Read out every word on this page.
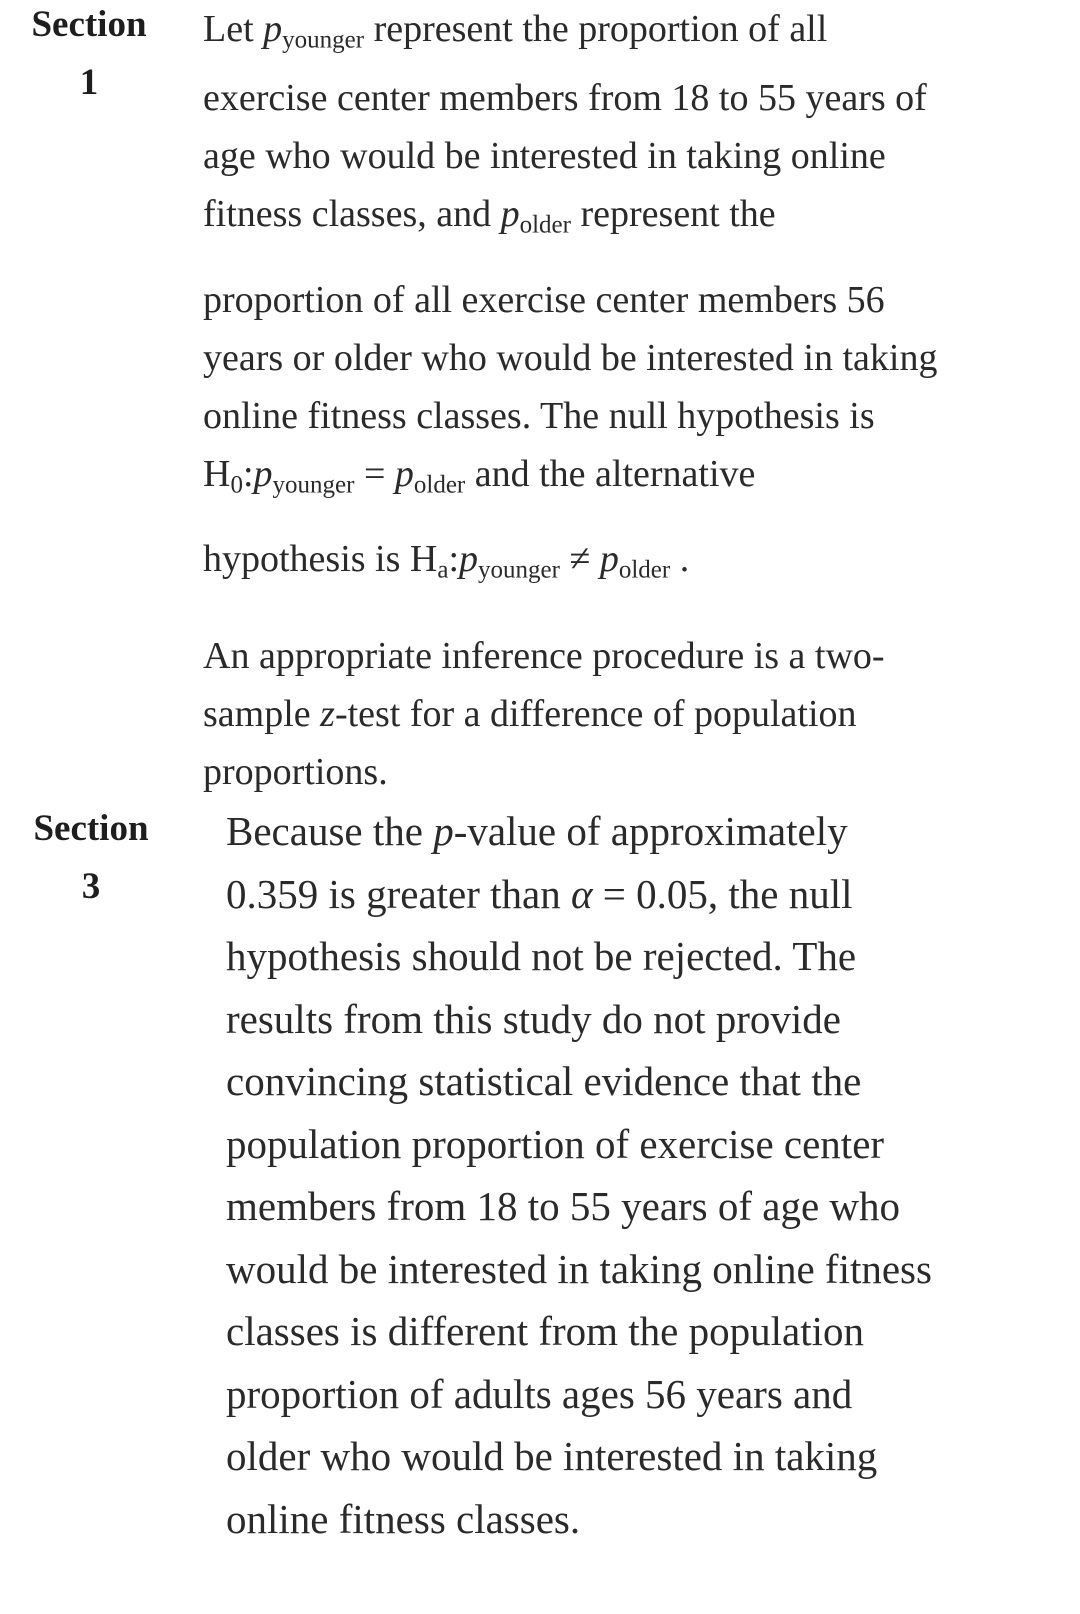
Section
1
Let $p_{younger}$ represent the proportion of all
exercise center members from 18 to 55 years of
age who would be interested in taking online
fitness classes, and $p_{older}$ represent the
proportion of all exercise center members 56
years or older who would be interested in taking
online fitness classes. The null hypothesis is
$H_0:p_{younger} = p_{older}$ and the alternative
hypothesis is $H_a:p_{younger} \ne p_{older}$ .
An appropriate inference procedure is a two-
sample z-test for a difference of population
proportions.
Section
3
Because the p-value of approximately
0.359 is greater than α = 0.05, the null
hypothesis should not be rejected. The
results from this study do not provide
convincing statistical evidence that the
population proportion of exercise center
members from 18 to 55 years of age who
would be interested in taking online fitness
classes is different from the population
proportion of adults ages 56 years and
older who would be interested in taking
online fitness classes.
